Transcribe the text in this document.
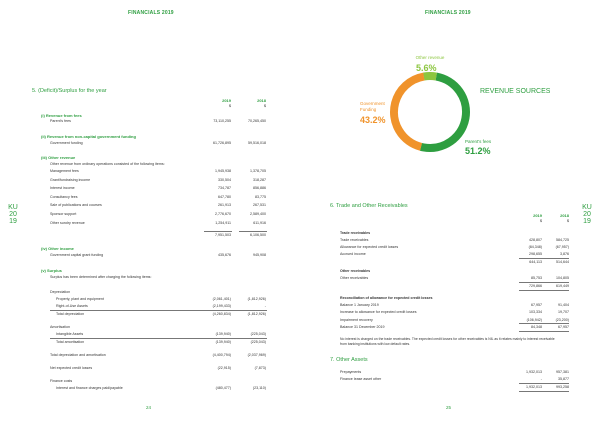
FINANCIALS 2019
KU
20
19
24
5. (Deficit)/Surplus for the year
2019	2018
$	$
(i) Revenue from fees
Parent's fees	73,110,255	70,265,450
(ii) Revenue from non-capital government funding
Government funding	61,726,895	59,516,018
(iii) Other revenue
Other revenue from ordinary operations consisted of the following items:
Management fees	1,945,938	1,378,705
Grant/fundraising income	330,504	318,287
Interest income	734,787	856,886
Consultancy fees	647,780	83,775
Sale of publications and courses	261,913	267,531
Sponsor support	2,776,670	2,589,400
Other sundry revenue	1,254,911	611,916
7,951,503	6,106,500
(iv) Other income
Government capital grant funding	435,676	945,908
(v) Surplus
Surplus has been determined after charging the following items:
Depreciation
Property, plant and equipment	(2,061,401)	(1,812,926)
Right-of-Use Assets	(2,199,433)	-
Total depreciation	(4,260,834)	(1,812,926)
Amortisation
Intangible Assets	(139,940)	(225,043)
Total amortisation	(139,940)	(225,043)
Total depreciation and amortisation	(4,400,794)	(2,037,969)
Net expected credit losses	(22,915)	(7,873)
Finance costs
Interest and finance charges paid/payable	(480,477)	(23,110)
FINANCIALS 2019
KU
20
19
25
Other revenue
5.6%
Government
Funding
43.2%
Parent's fees
51.2%
REVENUE SOURCES
6. Trade and Other Receivables
2019	2018
$	$
Trade receivables
Trade receivables	428,807	584,725
Allowance for expected credit losses	(84,348)	(67,957)
Accrued income	298,655	3,876
644,113	514,644
Other receivables
Other receivables	85,753	104,805
729,866	619,449
Reconciliation of allowance for expected credit losses
Balance 1 January 2019	67,957	91,404
Increase to allowance for expected credit losses	103,334	19,707
Impairment recovery	(106,942)	(23,200)
Balance 31 December 2019	84,348	67,957
No interest is charged on the trade receivables. The expected credit losses for other receivables is NIL as it relates mainly to interest receivable from banking institutions with low default rates.
7. Other Assets
Prepayments	1,932,013	957,381
Finance lease asset other	-	35,877
1,932,013	993,258
